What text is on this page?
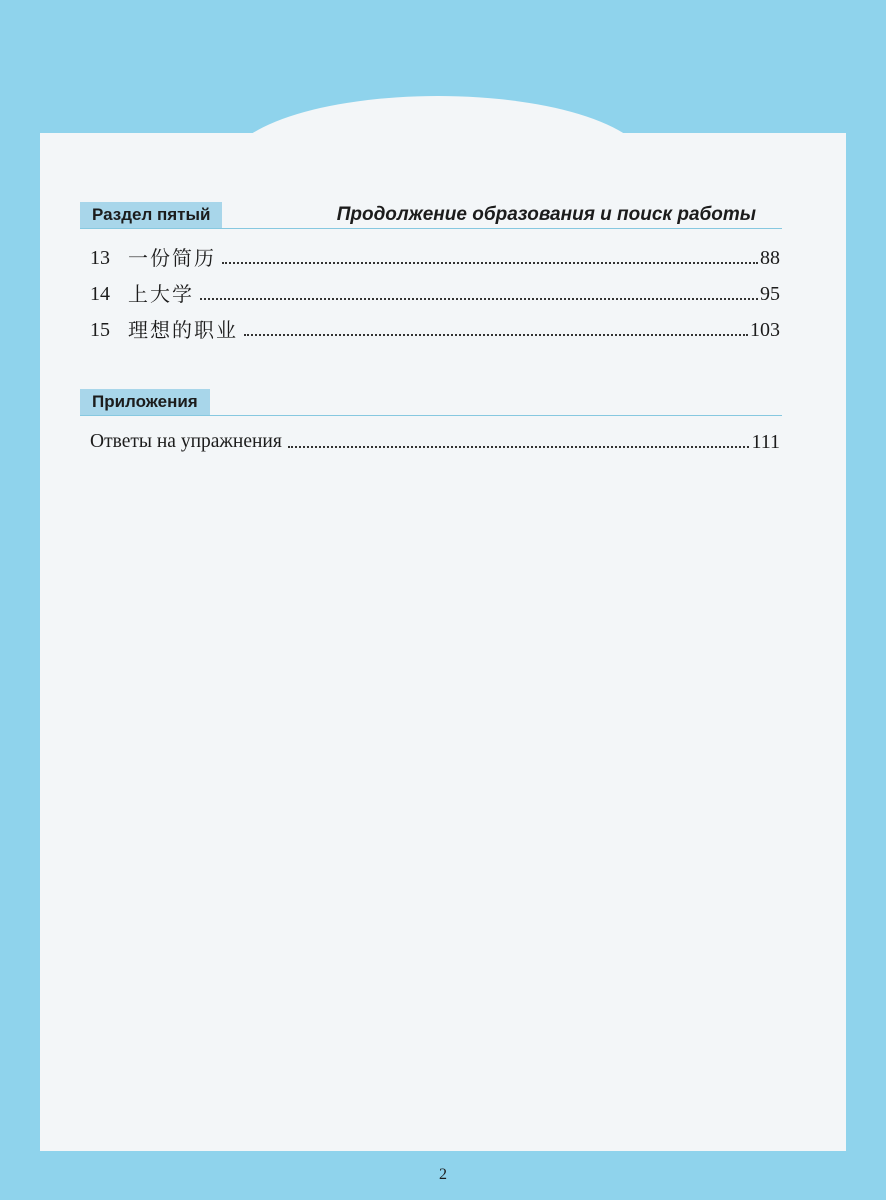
Раздел пятый	Продолжение образования и поиск работы
13 一份简历	88
14 上大学	95
15 理想的职业	103
Приложения
Ответы на упражнения	111
2
